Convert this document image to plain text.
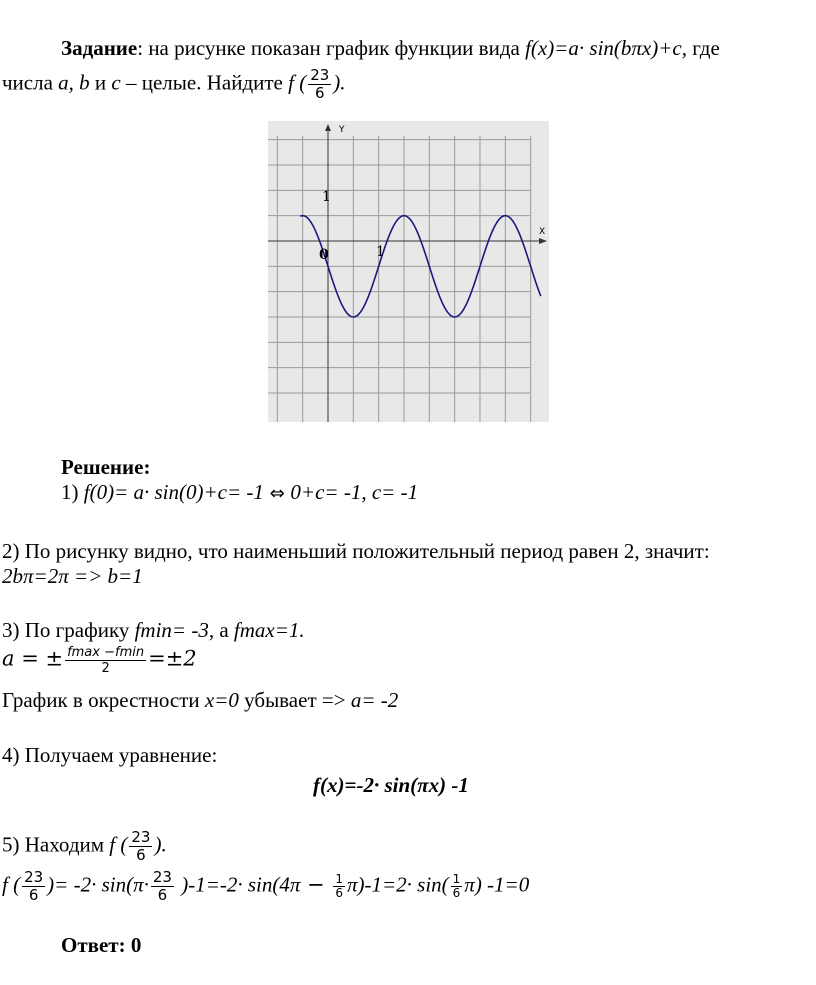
Задание: на рисунке показан график функции вида f(x)=a· sin(bπx)+c, где
числа a, b и c – целые. Найдите f ( $\frac{23}{6}$ ).
Y
X
1
0	1
Решение:
1) f(0)= a· sin(0)+c= -1 ⇔ 0+c= -1, c= -1
2) По рисунку видно, что наименьший положительный период равен 2, значит:
2bπ=2π => b=1
3) По графику fmin= -3, а fmax=1.
a = ± $\frac{fmax -fmin}{2} =\pm 2$
График в окрестности x=0 убывает => a= -2
4) Получаем уравнение:
f(x)=-2· sin(πx) -1
5) Находим f ( $\frac{23}{6}$ ).
f ( $\frac{23}{6}$ )= $-2\cdot \sin(\pi\cdot \frac{23}{6} )-1=-2\cdot \sin(4\pi - \frac{1}{6} \pi)-1=2\cdot \sin( \frac{1}{6} \pi)$ -1=0
Ответ: 0
